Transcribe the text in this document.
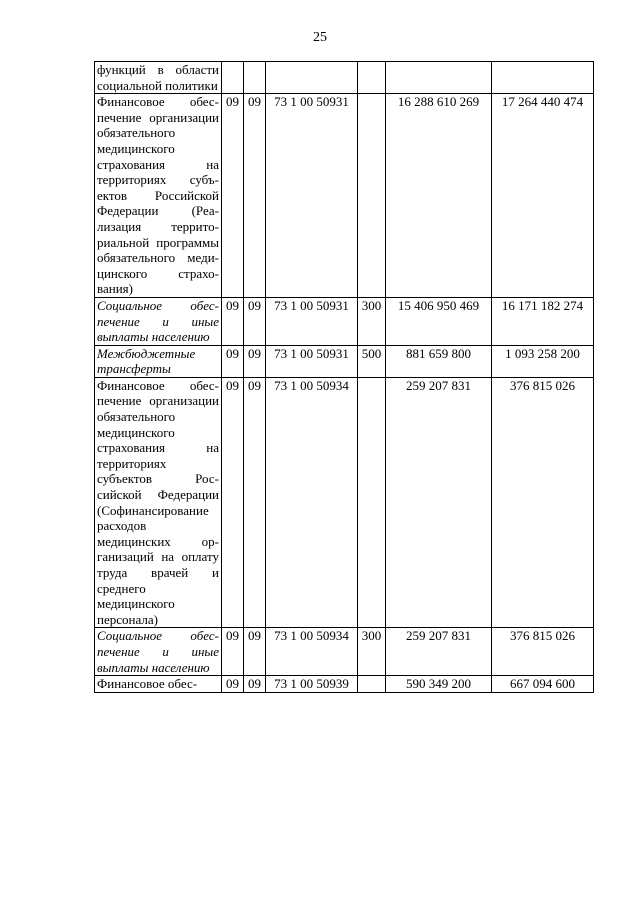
25
функций в области социальной политики						
Финансовое обеспечение организации обязательного медицинского страхования на территориях субъектов Российской Федерации (Реализация территориальной программы обязательного медицинского страхования)	09	09	73 1 00 50931		16 288 610 269	17 264 440 474
Социальное обеспечение и иные выплаты населению	09	09	73 1 00 50931	300	15 406 950 469	16 171 182 274
Межбюджетные трансферты	09	09	73 1 00 50931	500	881 659 800	1 093 258 200
Финансовое обеспечение организации обязательного медицинского страхования на территориях субъектов Российской Федерации (Софинансирование расходов медицинских организаций на оплату труда врачей и среднего медицинского персонала)	09	09	73 1 00 50934		259 207 831	376 815 026
Социальное обеспечение и иные выплаты населению	09	09	73 1 00 50934	300	259 207 831	376 815 026
Финансовое обес-	09	09	73 1 00 50939		590 349 200	667 094 600
